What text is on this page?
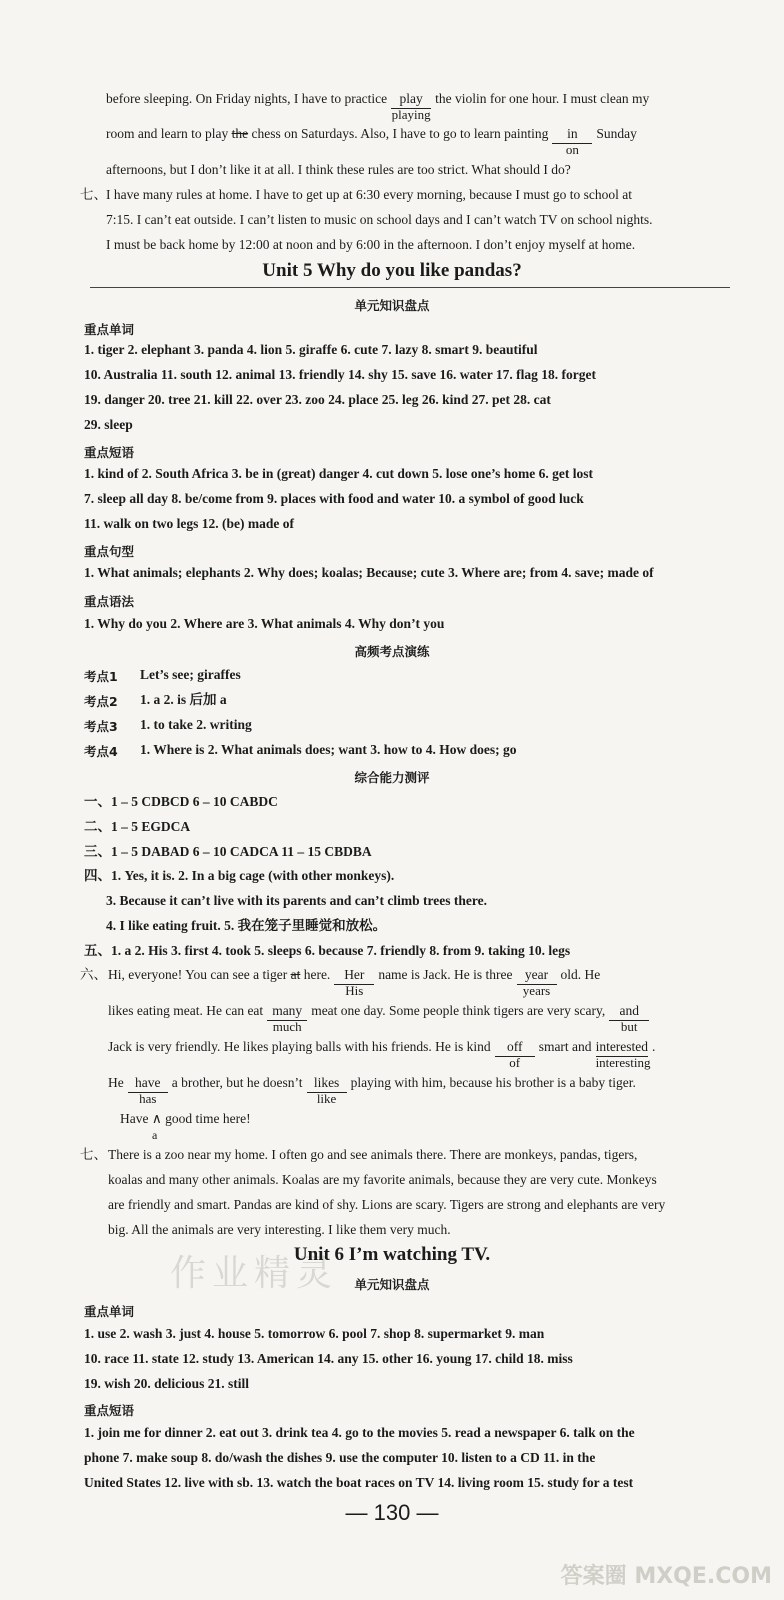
before sleeping. On Friday nights, I have to practice play
playing
the violin for one hour. I must clean my
room and learn to play the chess on Saturdays. Also, I have to go to learn painting in
on
Sunday
afternoons, but I don’t like it at all. I think these rules are too strict. What should I do?
七、 I have many rules at home. I have to get up at 6:30 every morning, because I must go to school at
7:15. I can’t eat outside. I can’t listen to music on school days and I can’t watch TV on school nights.
I must be back home by 12:00 at noon and by 6:00 in the afternoon. I don’t enjoy myself at home.
Unit 5 Why do you like pandas?
单元知识盘点
重点单词
1. tiger 2. elephant 3. panda 4. lion 5. giraffe 6. cute 7. lazy 8. smart 9. beautiful
10. Australia 11. south 12. animal 13. friendly 14. shy 15. save 16. water 17. flag 18. forget
19. danger 20. tree 21. kill 22. over 23. zoo 24. place 25. leg 26. kind 27. pet 28. cat
29. sleep
重点短语
1. kind of 2. South Africa 3. be in (great) danger 4. cut down 5. lose one’s home 6. get lost
7. sleep all day 8. be/come from 9. places with food and water 10. a symbol of good luck
11. walk on two legs 12. (be) made of
重点句型
1. What animals; elephants 2. Why does; koalas; Because; cute 3. Where are; from 4. save; made of
重点语法
1. Why do you 2. Where are 3. What animals 4. Why don’t you
高频考点演练
考点1 Let’s see; giraffes
考点2 1. a 2. is 后加 a
考点3 1. to take 2. writing
考点4 1. Where is 2. What animals does; want 3. how to 4. How does; go
综合能力测评
一、1 – 5 CDBCD 6 – 10 CABDC
二、1 – 5 EGDCA
三、1 – 5 DABAD 6 – 10 CADCA 11 – 15 CBDBA
四、1. Yes, it is. 2. In a big cage (with other monkeys).
3. Because it can’t live with its parents and can’t climb trees there.
4. I like eating fruit. 5. 我在笼子里睡觉和放松。
五、1. a 2. His 3. first 4. took 5. sleeps 6. because 7. friendly 8. from 9. taking 10. legs
六、 Hi, everyone! You can see a tiger at here. Her
His
name is Jack. He is three year
years
old. He
likes eating meat. He can eat many
much
meat one day. Some people think tigers are very scary, and
but
Jack is very friendly. He likes playing balls with his friends. He is kind off
of
smart and interested
interesting
.
He have
has
a brother, but he doesn’t likes
like
playing with him, because his brother is a baby tiger.
Have ∧ good time here!
a
七、 There is a zoo near my home. I often go and see animals there. There are monkeys, pandas, tigers,
koalas and many other animals. Koalas are my favorite animals, because they are very cute. Monkeys
are friendly and smart. Pandas are kind of shy. Lions are scary. Tigers are strong and elephants are very
big. All the animals are very interesting. I like them very much.
作业精灵
Unit 6 I’m watching TV.
单元知识盘点
重点单词
1. use 2. wash 3. just 4. house 5. tomorrow 6. pool 7. shop 8. supermarket 9. man
10. race 11. state 12. study 13. American 14. any 15. other 16. young 17. child 18. miss
19. wish 20. delicious 21. still
重点短语
1. join me for dinner 2. eat out 3. drink tea 4. go to the movies 5. read a newspaper 6. talk on the
phone 7. make soup 8. do/wash the dishes 9. use the computer 10. listen to a CD 11. in the
United States 12. live with sb. 13. watch the boat races on TV 14. living room 15. study for a test
— 130 —
答案圈 MXQE.COM
